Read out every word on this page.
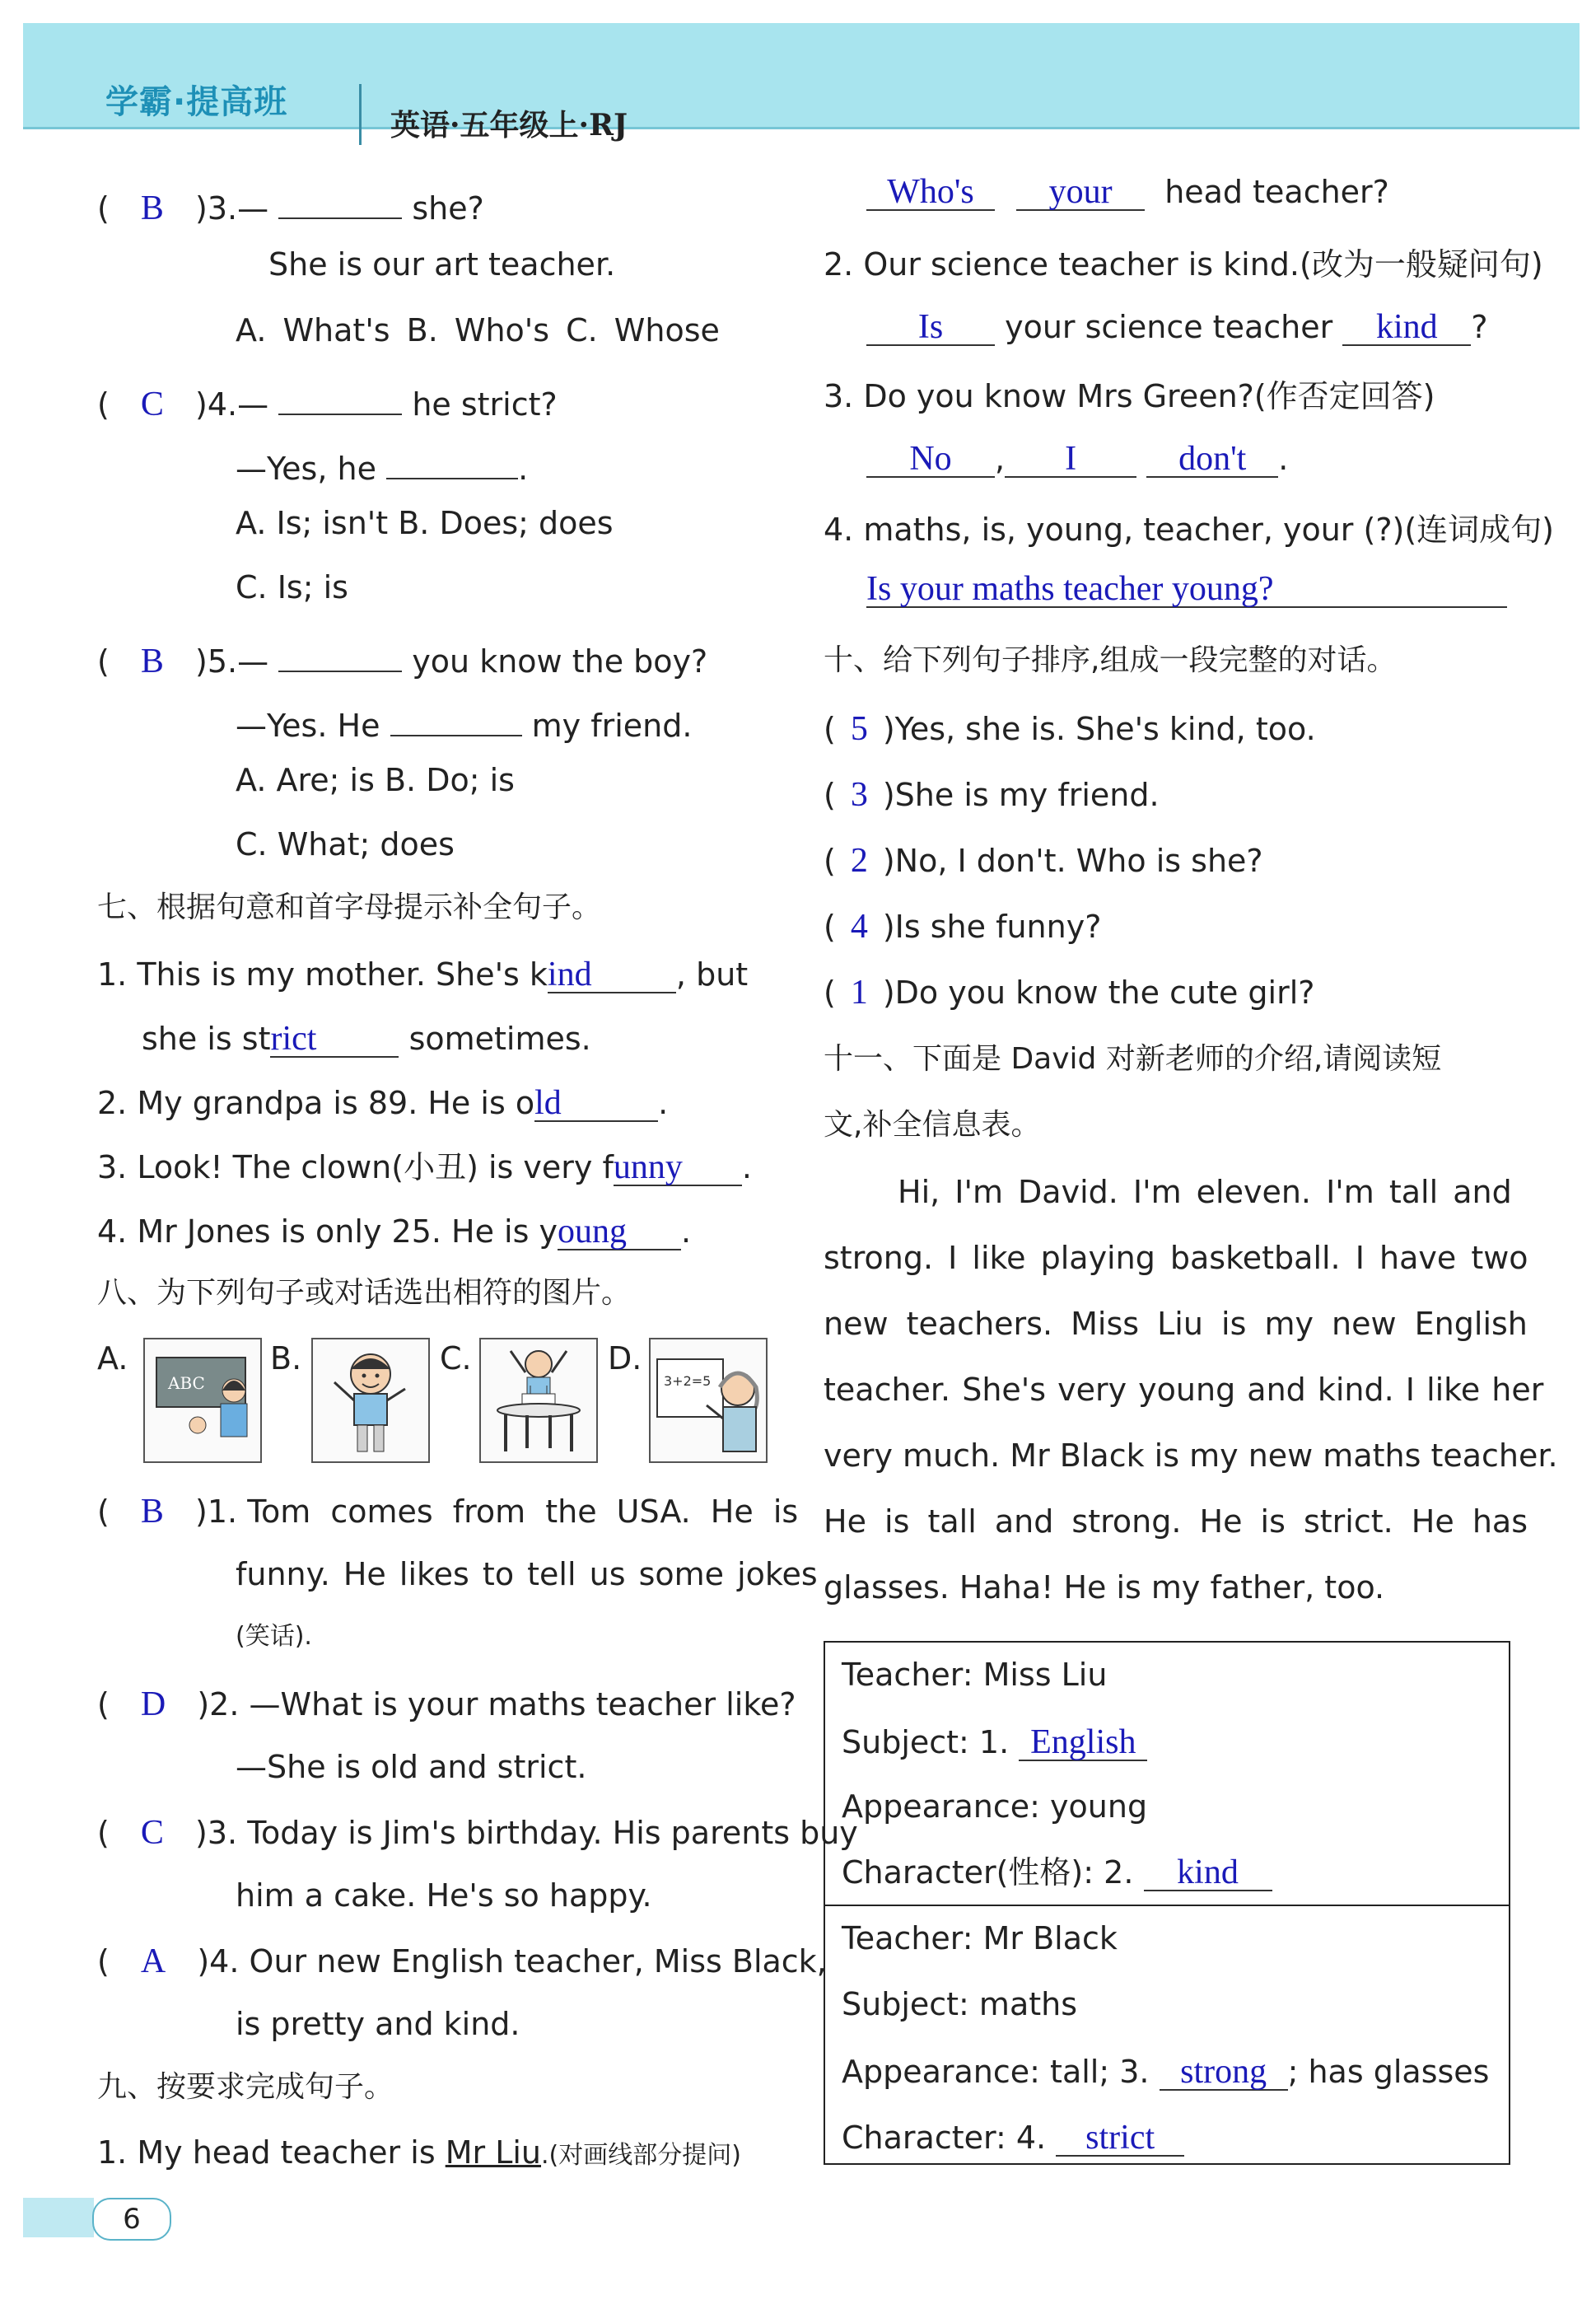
学霸·提高班
英语·五年级上·RJ
( B )3.—	she?
She is our art teacher.
A. What's B. Who's C. Whose
( C )4.—	he strict?
—Yes, he	.
A. Is; isn't B. Does; does
C. Is; is
( B )5.—	you know the boy?
—Yes. He	my friend.
A. Are; is B. Do; is
C. What; does
七、根据句意和首字母提示补全句子。
1. This is my mother. She's kind	, but
she is strict	sometimes.
2. My grandpa is 89. He is old	.
3. Look! The clown(小丑) is very funny .
4. Mr Jones is only 25. He is young .
八、为下列句子或对话选出相符的图片。
A.
ABC
B.	C.	D.
3+2=5
( B )1. Tom comes from the USA. He is
funny. He likes to tell us some jokes
(笑话).
( D )2. —What is your maths teacher like?
—She is old and strict.
( C )3. Today is Jim's birthday. His parents buy
him a cake. He's so happy.
( A )4. Our new English teacher, Miss Black,
is pretty and kind.
九、按要求完成句子。
1. My head teacher is Mr Liu.(对画线部分提问)
Who's your head teacher?
2. Our science teacher is kind.(改为一般疑问句)
Is your science teacher kind ?
3. Do you know Mrs Green?(作否定回答)
No , I	don't .
4. maths, is, young, teacher, your (?)(连词成句)
Is your maths teacher young?
十、给下列句子排序,组成一段完整的对话。
( 5 )Yes, she is. She's kind, too.
( 3 )She is my friend.
( 2 )No, I don't. Who is she?
( 4 )Is she funny?
( 1 )Do you know the cute girl?
十一、下面是 David 对新老师的介绍,请阅读短
文,补全信息表。
Hi, I'm David. I'm eleven. I'm tall and
strong. I like playing basketball. I have two
new teachers. Miss Liu is my new English
teacher. She's very young and kind. I like her
very much. Mr Black is my new maths teacher.
He is tall and strong. He is strict. He has
glasses. Haha! He is my father, too.
Teacher: Miss Liu
Subject: 1. English
Appearance: young
Character(性格): 2. kind
Teacher: Mr Black
Subject: maths
Appearance: tall; 3. strong ; has glasses
Character: 4. strict
6
